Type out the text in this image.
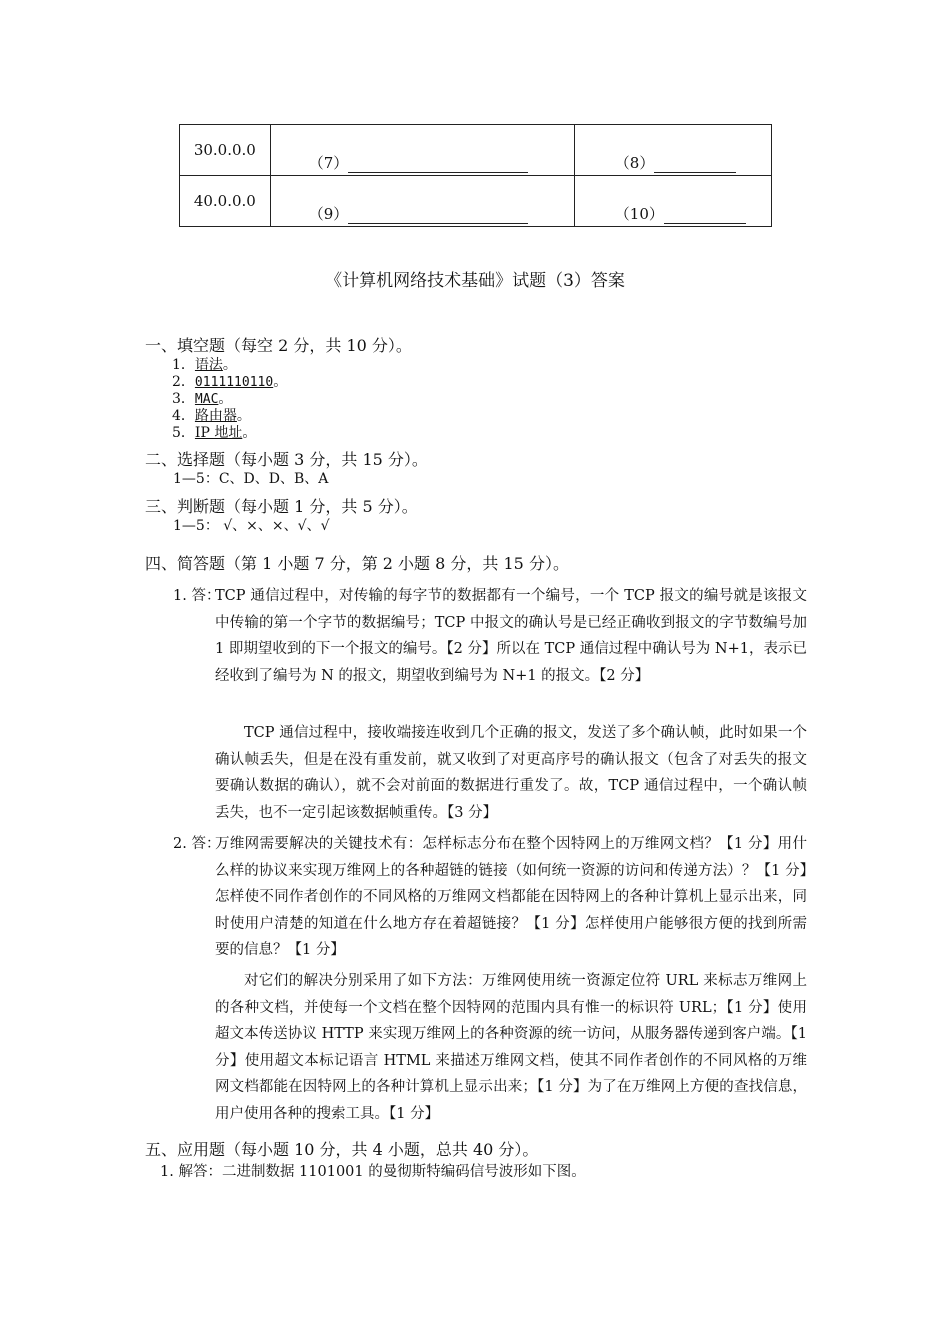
30.0.0.0	（7）	（8）
40.0.0.0	（9）	（10）
《计算机网络技术基础》试题（3）答案
一、填空题（每空 2 分，共 10 分）。
1．语法。
2．0111110110。
3．MAC。
4．路由器。
5．IP 地址。
二、选择题（每小题 3 分，共 15 分）。
1—5：C、D、D、B、A
三、判断题（每小题 1 分，共 5 分）。
1—5： √、×、×、√、√
四、简答题（第 1 小题 7 分，第 2 小题 8 分，共 15 分）。
1. 答：
TCP 通信过程中，对传输的每字节的数据都有一个编号，一个 TCP 报文的编号就是该报文中传输的第一个字节的数据编号；TCP 中报文的确认号是已经正确收到报文的字节数编号加 1 即期望收到的下一个报文的编号。【2 分】所以在 TCP 通信过程中确认号为 N+1，表示已经收到了编号为 N 的报文，期望收到编号为 N+1 的报文。【2 分】
TCP 通信过程中，接收端接连收到几个正确的报文，发送了多个确认帧，此时如果一个确认帧丢失，但是在没有重发前，就又收到了对更高序号的确认报文（包含了对丢失的报文要确认数据的确认），就不会对前面的数据进行重发了。故，TCP 通信过程中，一个确认帧丢失，也不一定引起该数据帧重传。【3 分】
2. 答：
万维网需要解决的关键技术有：怎样标志分布在整个因特网上的万维网文档？【1 分】用什么样的协议来实现万维网上的各种超链的链接（如何统一资源的访问和传递方法）？【1 分】怎样使不同作者创作的不同风格的万维网文档都能在因特网上的各种计算机上显示出来，同时使用户清楚的知道在什么地方存在着超链接？【1 分】怎样使用户能够很方便的找到所需要的信息？【1 分】
对它们的解决分别采用了如下方法：万维网使用统一资源定位符 URL 来标志万维网上的各种文档，并使每一个文档在整个因特网的范围内具有惟一的标识符 URL；【1 分】使用超文本传送协议 HTTP 来实现万维网上的各种资源的统一访问，从服务器传递到客户端。【1 分】使用超文本标记语言 HTML 来描述万维网文档，使其不同作者创作的不同风格的万维网文档都能在因特网上的各种计算机上显示出来；【1 分】为了在万维网上方便的查找信息，用户使用各种的搜索工具。【1 分】
五、应用题（每小题 10 分，共 4 小题，总共 40 分）。
1. 解答：二进制数据 1101001 的曼彻斯特编码信号波形如下图。
